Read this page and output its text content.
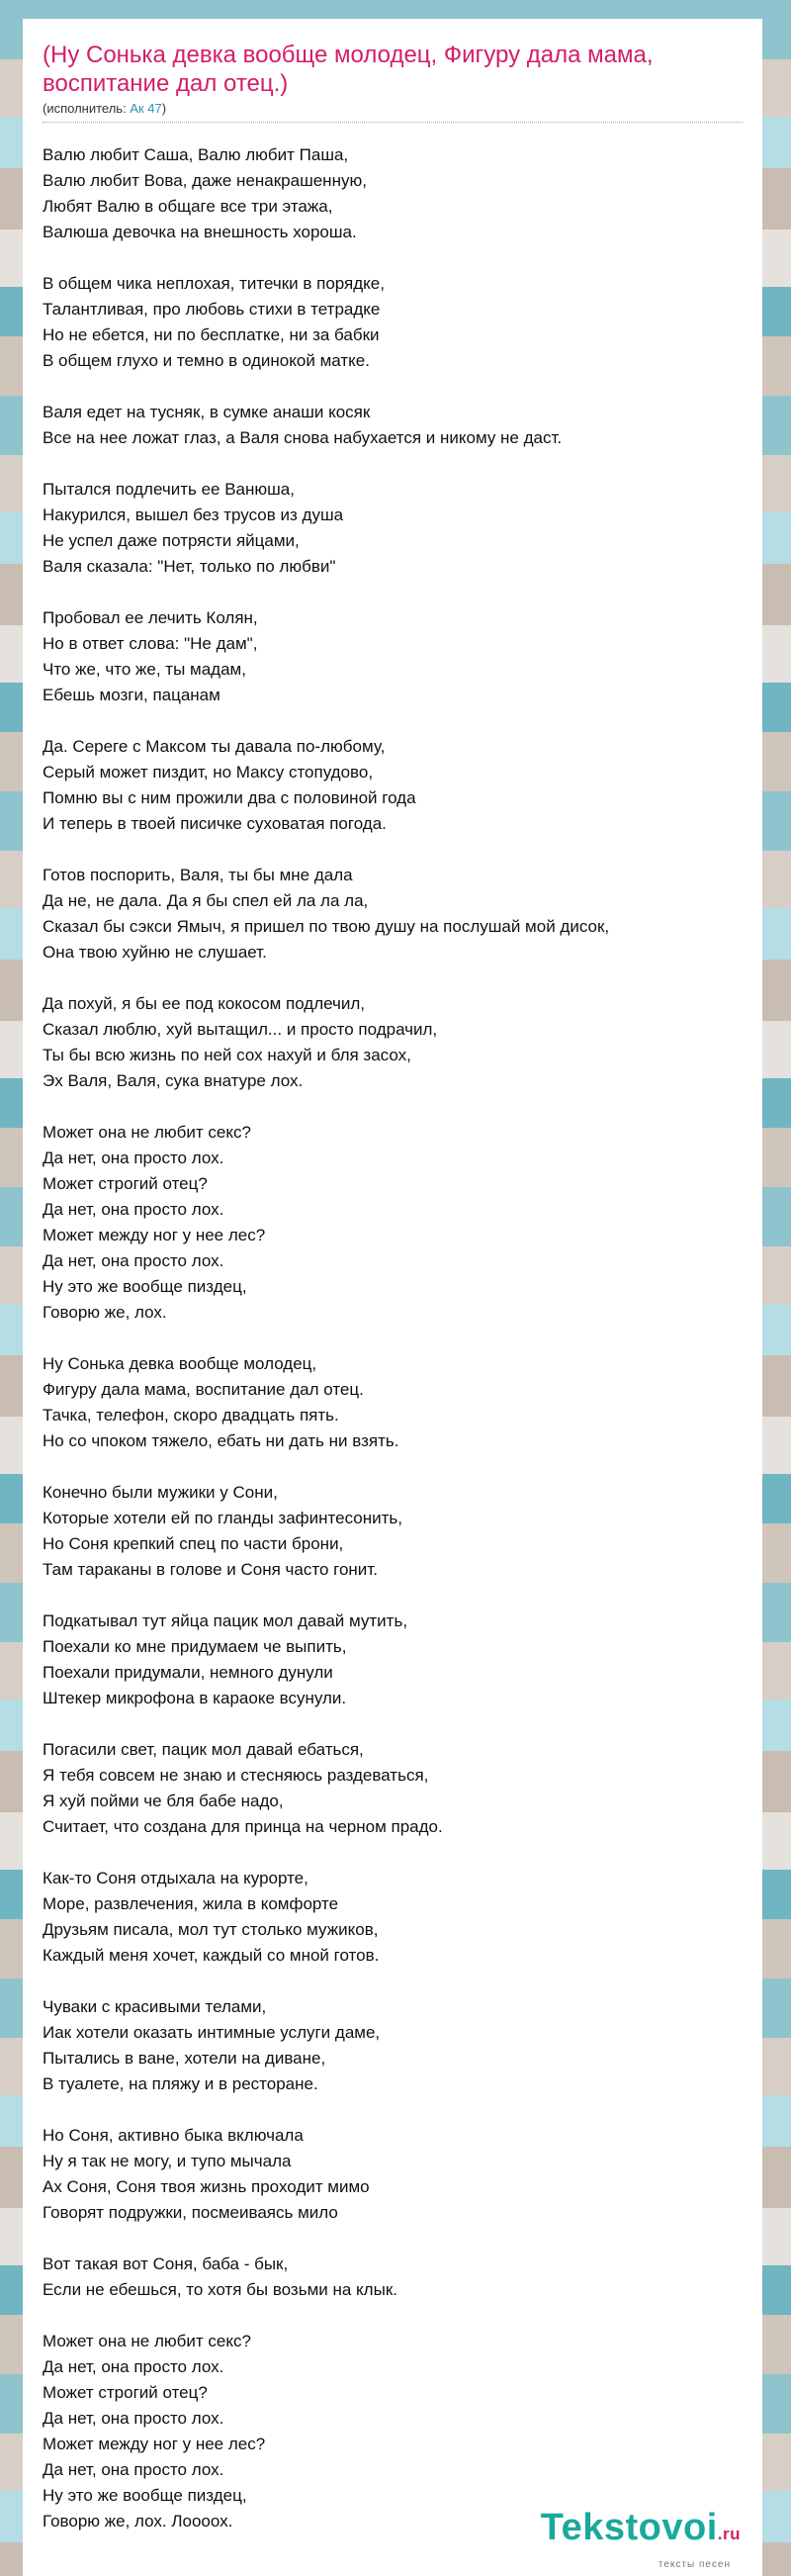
(Ну Сонька девка вообще молодец, Фигуру дала мама, воспитание дал отец.)
(исполнитель: Ак 47)
Валю любит Саша, Валю любит Паша,
Валю любит Вова, даже ненакрашенную,
Любят Валю в общаге все три этажа,
Валюша девочка на внешность хороша.
В общем чика неплохая, титечки в порядке,
Талантливая, про любовь стихи в тетрадке
Но не ебется, ни по бесплатке, ни за бабки
В общем глухо и темно в одинокой матке.
Валя едет на тусняк, в сумке анаши косяк
Все на нее ложат глаз, а Валя снова набухается и никому не даст.
Пытался подлечить ее Ванюша,
Накурился, вышел без трусов из душа
Не успел даже потрясти яйцами,
Валя сказала: "Нет, только по любви"
Пробовал ее лечить Колян,
Но в ответ слова: "Не дам",
Что же, что же, ты мадам,
Ебешь мозги, пацанам
Да. Сереге с Максом ты давала по-любому,
Серый может пиздит, но Максу стопудово,
Помню вы с ним прожили два с половиной года
И теперь в твоей писичке суховатая погода.
Готов поспорить, Валя, ты бы мне дала
Да не, не дала. Да я бы спел ей ла ла ла,
Сказал бы сэкси Ямыч, я пришел по твою душу на послушай мой дисок,
Она твою хуйню не слушает.
Да похуй, я бы ее под кокосом подлечил,
Сказал люблю, хуй вытащил... и просто подрачил,
Ты бы всю жизнь по ней сох нахуй и бля засох,
Эх Валя, Валя, сука внатуре лох.
Может она не любит секс?
Да нет, она просто лох.
Может строгий отец?
Да нет, она просто лох.
Может между ног у нее лес?
Да нет, она просто лох.
Ну это же вообще пиздец,
Говорю же, лох.
Ну Сонька девка вообще молодец,
Фигуру дала мама, воспитание дал отец.
Тачка, телефон, скоро двадцать пять.
Но со чпоком тяжело, ебать ни дать ни взять.
Конечно были мужики у Сони,
Которые хотели ей по гланды зафинтесонить,
Но Соня крепкий спец по части брони,
Там тараканы в голове и Соня часто гонит.
Подкатывал тут яйца пацик мол давай мутить,
Поехали ко мне придумаем че выпить,
Поехали придумали, немного дунули
Штекер микрофона в караоке всунули.
Погасили свет, пацик мол давай ебаться,
Я тебя совсем не знаю и стесняюсь раздеваться,
Я хуй пойми че бля бабе надо,
Считает, что создана для принца на черном прадо.
Как-то Соня отдыхала на курорте,
Море, развлечения, жила в комфорте
Друзьям писала, мол тут столько мужиков,
Каждый меня хочет, каждый со мной готов.
Чуваки с красивыми телами,
Иак хотели оказать интимные услуги даме,
Пытались в ване, хотели на диване,
В туалете, на пляжу и в ресторане.
Но Соня, активно быка включала
Ну я так не могу, и тупо мычала
Ах Соня, Соня твоя жизнь проходит мимо
Говорят подружки, посмеиваясь мило
Вот такая вот Соня, баба - бык,
Если не ебешься, то хотя бы возьми на клык.
Может она не любит секс?
Да нет, она просто лох.
Может строгий отец?
Да нет, она просто лох.
Может между ног у нее лес?
Да нет, она просто лох.
Ну это же вообще пиздец,
Говорю же, лох. Лоооох.	Tekstovoi.ru
тексты песен
